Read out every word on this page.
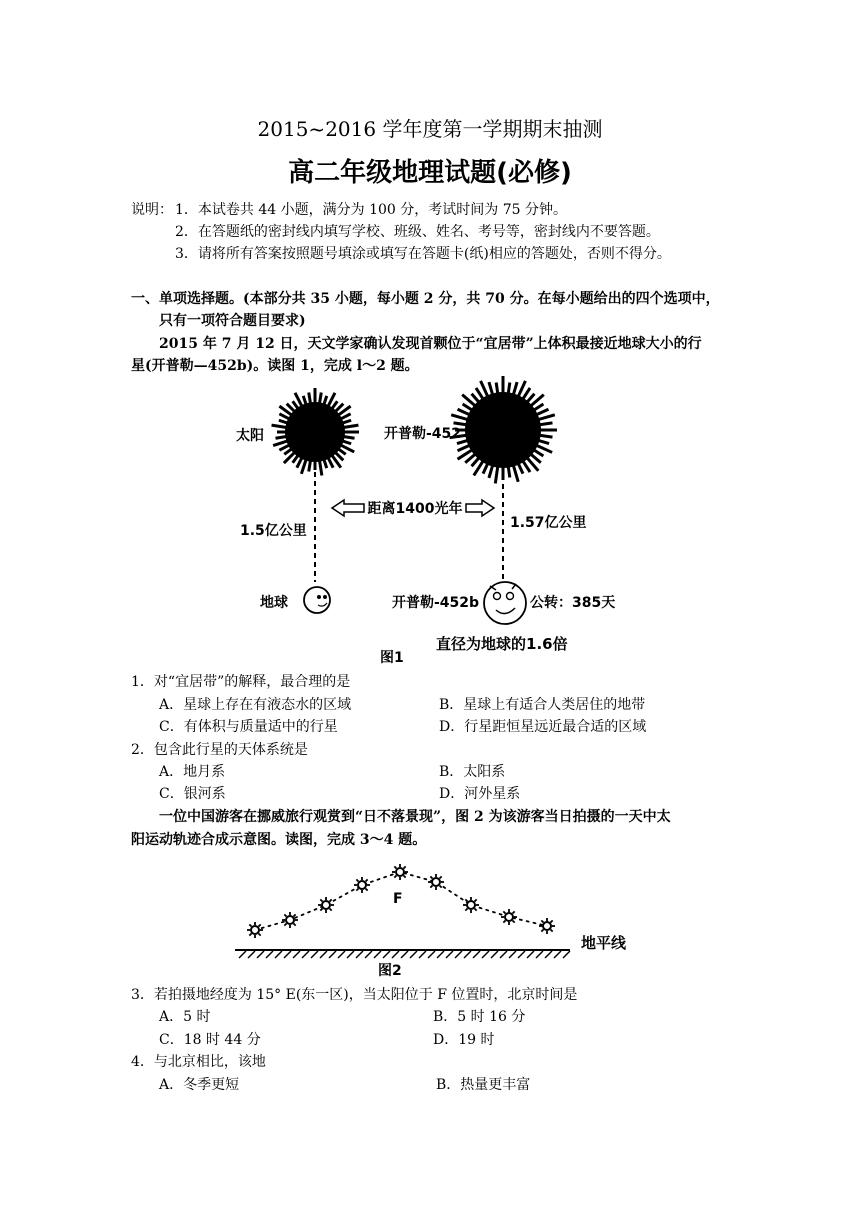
2015~2016 学年度第一学期期末抽测
高二年级地理试题(必修)
说明： 1．本试卷共 44 小题，满分为 100 分，考试时间为 75 分钟。
2．在答题纸的密封线内填写学校、班级、姓名、考号等，密封线内不要答题。
3．请将所有答案按照题号填涂或填写在答题卡(纸)相应的答题处，否则不得分。
一、单项选择题。(本部分共 35 小题，每小题 2 分，共 70 分。在每小题给出的四个选项中，
只有一项符合题目要求)
2015 年 7 月 12 日，天文学家确认发现首颗位于“宜居带”上体积最接近地球大小的行
星(开普勒—452b)。读图 1，完成 l～2 题。
距离1400光年
太阳	开普勒-452
1.5亿公里	1.57亿公里
地球	开普勒-452b	公转：385天
直径为地球的1.6倍
图1
1．对“宜居带”的解释，最合理的是
A．星球上存在有液态水的区域	B．星球上有适合人类居住的地带
C．有体积与质量适中的行星	D．行星距恒星远近最合适的区域
2．包含此行星的天体系统是
A．地月系	B．太阳系
C．银河系	D．河外星系
一位中国游客在挪威旅行观赏到“日不落景现”，图 2 为该游客当日拍摄的一天中太
阳运动轨迹合成示意图。读图，完成 3～4 题。
F
地平线
图2
3．若拍摄地经度为 15° E(东一区)，当太阳位于 F 位置时，北京时间是
A．5 时	B．5 时 16 分
C．18 时 44 分	D．19 时
4．与北京相比，该地
A．冬季更短	B．热量更丰富
